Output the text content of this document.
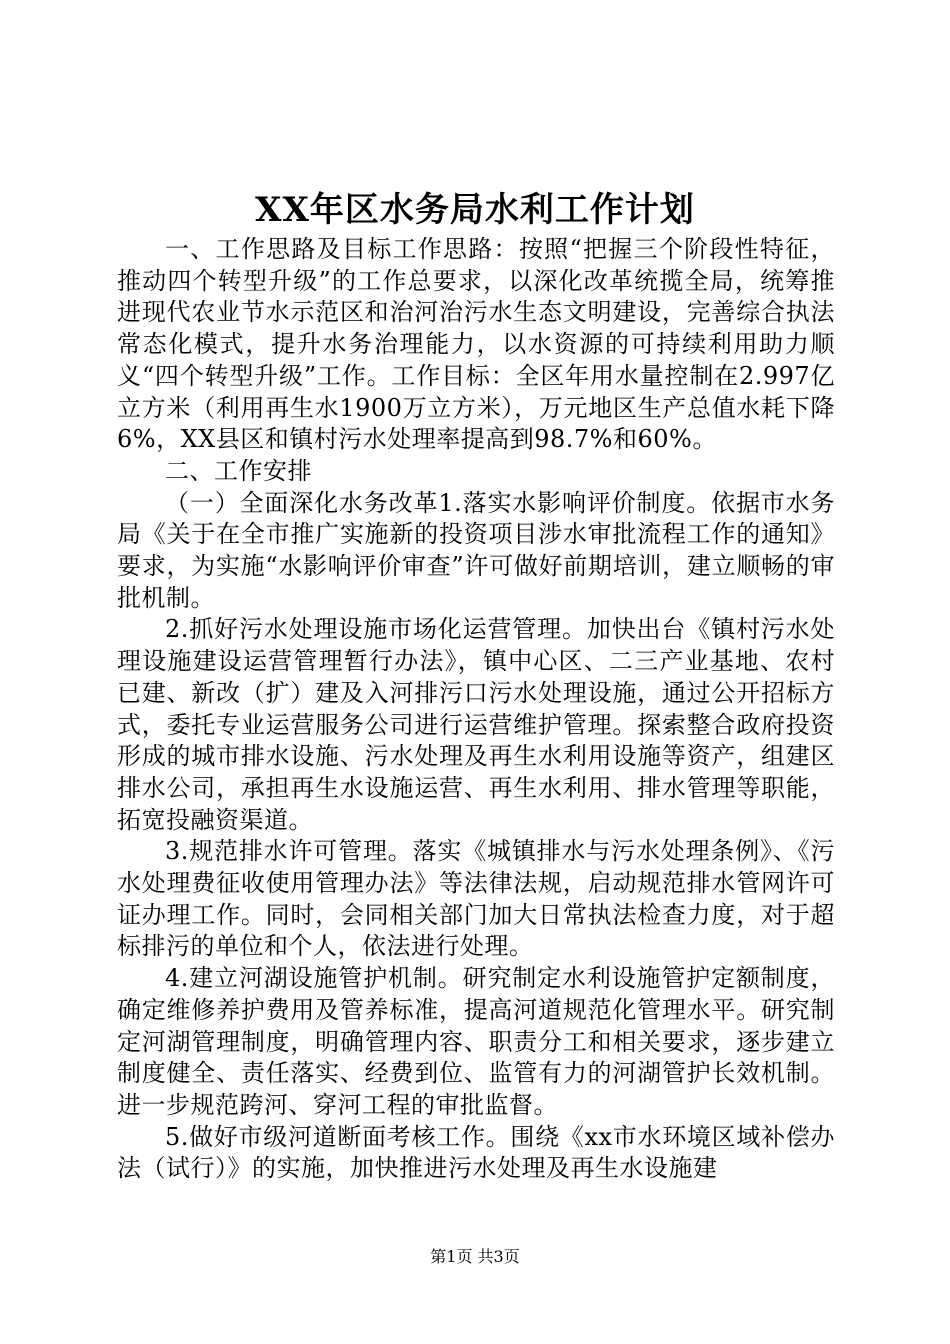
XX年区水务局水利工作计划

一、工作思路及目标工作思路：按照“把握三个阶段性特征，推动四个转型升级”的工作总要求，以深化改革统揽全局，统筹推进现代农业节水示范区和治河治污水生态文明建设，完善综合执法常态化模式，提升水务治理能力，以水资源的可持续利用助力顺义“四个转型升级”工作。工作目标：全区年用水量控制在2.997亿立方米（利用再生水1900万立方米），万元地区生产总值水耗下降6%，XX县区和镇村污水处理率提高到98.7%和60%。

二、工作安排

（一）全面深化水务改革1.落实水影响评价制度。依据市水务局《关于在全市推广实施新的投资项目涉水审批流程工作的通知》要求，为实施“水影响评价审查”许可做好前期培训，建立顺畅的审批机制。

2.抓好污水处理设施市场化运营管理。加快出台《镇村污水处理设施建设运营管理暂行办法》，镇中心区、二三产业基地、农村已建、新改（扩）建及入河排污口污水处理设施，通过公开招标方式，委托专业运营服务公司进行运营维护管理。探索整合政府投资形成的城市排水设施、污水处理及再生水利用设施等资产，组建区排水公司，承担再生水设施运营、再生水利用、排水管理等职能，拓宽投融资渠道。

3.规范排水许可管理。落实《城镇排水与污水处理条例》、《污水处理费征收使用管理办法》等法律法规，启动规范排水管网许可证办理工作。同时，会同相关部门加大日常执法检查力度，对于超标排污的单位和个人，依法进行处理。

4.建立河湖设施管护机制。研究制定水利设施管护定额制度，确定维修养护费用及管养标准，提高河道规范化管理水平。研究制定河湖管理制度，明确管理内容、职责分工和相关要求，逐步建立制度健全、责任落实、经费到位、监管有力的河湖管护长效机制。进一步规范跨河、穿河工程的审批监督。

5.做好市级河道断面考核工作。围绕《xx市水环境区域补偿办法（试行）》的实施，加快推进污水处理及再生水设施建

第1页 共3页
